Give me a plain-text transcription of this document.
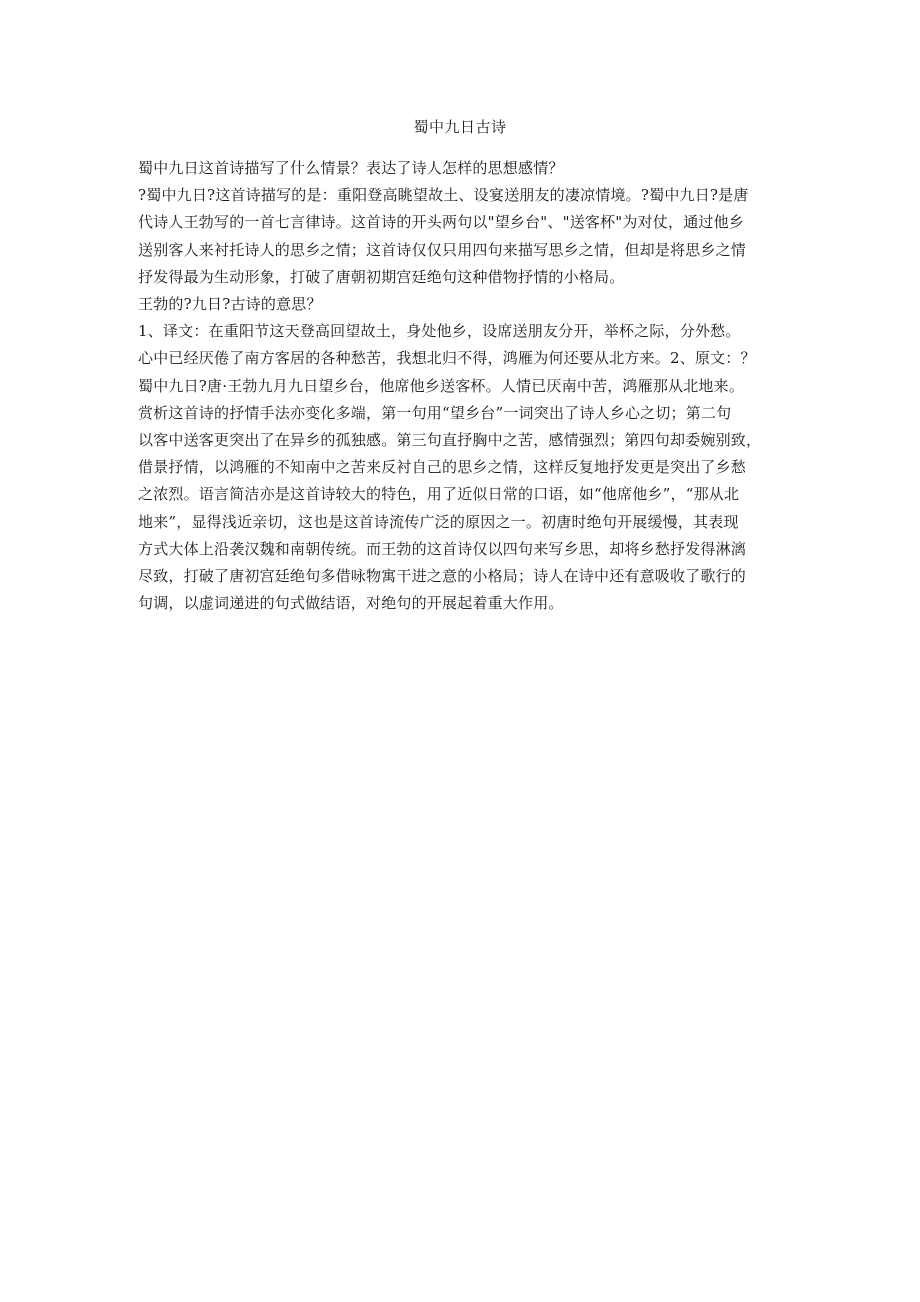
蜀中九日古诗

蜀中九日这首诗描写了什么情景？表达了诗人怎样的思想感情？

?蜀中九日?这首诗描写的是：重阳登高眺望故土、设宴送朋友的凄凉情境。?蜀中九日?是唐

代诗人王勃写的一首七言律诗。这首诗的开头两句以"望乡台"、"送客杯"为对仗，通过他乡

送别客人来衬托诗人的思乡之情；这首诗仅仅只用四句来描写思乡之情，但却是将思乡之情

抒发得最为生动形象，打破了唐朝初期宫廷绝句这种借物抒情的小格局。

王勃的?九日?古诗的意思？

1、译文：在重阳节这天登高回望故土，身处他乡，设席送朋友分开，举杯之际，分外愁。

心中已经厌倦了南方客居的各种愁苦，我想北归不得，鸿雁为何还要从北方来。2、原文：？

蜀中九日?唐·王勃九月九日望乡台，他席他乡送客杯。人情已厌南中苦，鸿雁那从北地来。

赏析这首诗的抒情手法亦变化多端，第一句用“望乡台”一词突出了诗人乡心之切；第二句

以客中送客更突出了在异乡的孤独感。第三句直抒胸中之苦，感情强烈；第四句却委婉别致，

借景抒情，以鸿雁的不知南中之苦来反衬自己的思乡之情，这样反复地抒发更是突出了乡愁

之浓烈。语言简洁亦是这首诗较大的特色，用了近似日常的口语，如“他席他乡”，“那从北

地来”，显得浅近亲切，这也是这首诗流传广泛的原因之一。初唐时绝句开展缓慢，其表现

方式大体上沿袭汉魏和南朝传统。而王勃的这首诗仅以四句来写乡思，却将乡愁抒发得淋漓

尽致，打破了唐初宫廷绝句多借咏物寓干进之意的小格局；诗人在诗中还有意吸收了歌行的

句调，以虚词递进的句式做结语，对绝句的开展起着重大作用。
